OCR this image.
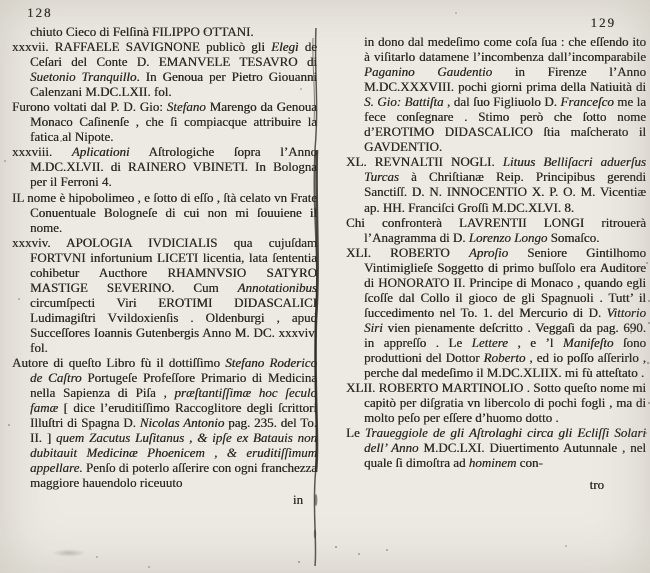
128

chiuto Cieco di Felſinà FILIPPO OTTANI.

xxxvii. RAFFAELE SAVIGNONE publicò gli Elegì de Ceſari del Conte D. EMANVELE TESAVRO di Suetonio Tranquillo. In Genoua per Pietro Giouanni Calenzani M.DC.LXII. fol.

Furono voltati dal P. D. Gio: Stefano Marengo da Genoua Monaco Caſinenſe , che ſi compiacque attribuire la fatica al Nipote.

xxxviii. Aplicationi Aſtrologiche ſopra l’Anno M.DC.XLVII. di RAINERO VBINETI. In Bologna per il Ferroni 4.

IL nome è hipobolimeo , e ſotto di eſſo , ſtà celato vn Frate Conuentuale Bologneſe di cui non mi ſouuiene il nome.

xxxviv. APOLOGIA IVDICIALIS qua cujuſdam FORTVNI infortunium LICETI licentia, lata ſententia cohibetur Aucthore RHAMNVSIO SATYRO MASTIGE SEVERINO. Cum Annotationibus circumſpecti Viri EROTIMI DIDASCALICI Ludimagiſtri Vvildoxienſis . Oldenburgi , apud Succeſſores Ioannis Gutenbergis Anno M. DC. xxxviv. fol.

Autore di queſto Libro fù il dottiſſimo Stefano Roderico de Caſtro Portugeſe Profeſſore Primario di Medicina nella Sapienza di Piſa , præſtantiſſimæ hoc ſeculo famæ [ dice l’eruditiſſimo Raccoglitore degli ſcrittori Illuſtri di Spagna D. Nicolas Antonio pag. 235. del To. II. ] quem Zacutus Luſitanus , & ipſe ex Batauis non dubitauit Medicinæ Phoenicem , & eruditiſſimum appellare. Penſo di poterlo aſſerire con ogni franchezza maggiore hauendolo riceuuto

in
129

in dono dal medeſimo come coſa ſua : che eſſendo ito à viſitarlo datamene l’incombenza dall’incomparabile Paganino Gaudentio in Firenze l’Anno M.DC.XXXVIII. pochi giorni prima della Natiuità di S. Gio: Battiſta , dal ſuo Figliuolo D. Franceſco me la fece conſegnare . Stimo però che ſotto nome d’EROTIMO DIDASCALICO ſtia maſcherato il GAVDENTIO.

XL. REVNALTII NOGLI. Lituus Belliſacri aduerſus Turcas à Chriſtianæ Reip. Principibus gerendi Sanctiſſ. D. N. INNOCENTIO X. P. O. M. Vicentiæ ap. HH. Franciſci Groſſi M.DC.XLVI. 8.

Chi confronterà LAVRENTII LONGI ritrouerà l’Anagramma di D. Lorenzo Longo Somaſco.

XLI. ROBERTO Aproſio Seniore Gintilhomo Vintimiglieſe Soggetto di primo buſſolo era Auditore di HONORATO II. Principe di Monaco , quando egli ſcoſſe dal Collo il gioco de gli Spagnuoli . Tutt’ il ſuccedimento nel To. 1. del Mercurio di D. Vittorio Siri vien pienamente deſcritto . Veggaſi da pag. 690. in appreſſo . Le Lettere , e ’l Manifeſto ſono produttioni del Dottor Roberto , ed io poſſo aſſerirlo , perche dal medeſimo il M.DC.XLIIX. mi fù atteſtato .

XLII. ROBERTO MARTINOLIO . Sotto queſto nome mi capitò per diſgratia vn libercolo di pochi fogli , ma di molto peſo per eſſere d’huomo dotto .

Le Traueggiole de gli Aſtrolaghi circa gli Ecliſſi Solari dell’ Anno M.DC.LXI. Diuertimento Autunnale , nel quale ſi dimoſtra ad hominem con-

tro
